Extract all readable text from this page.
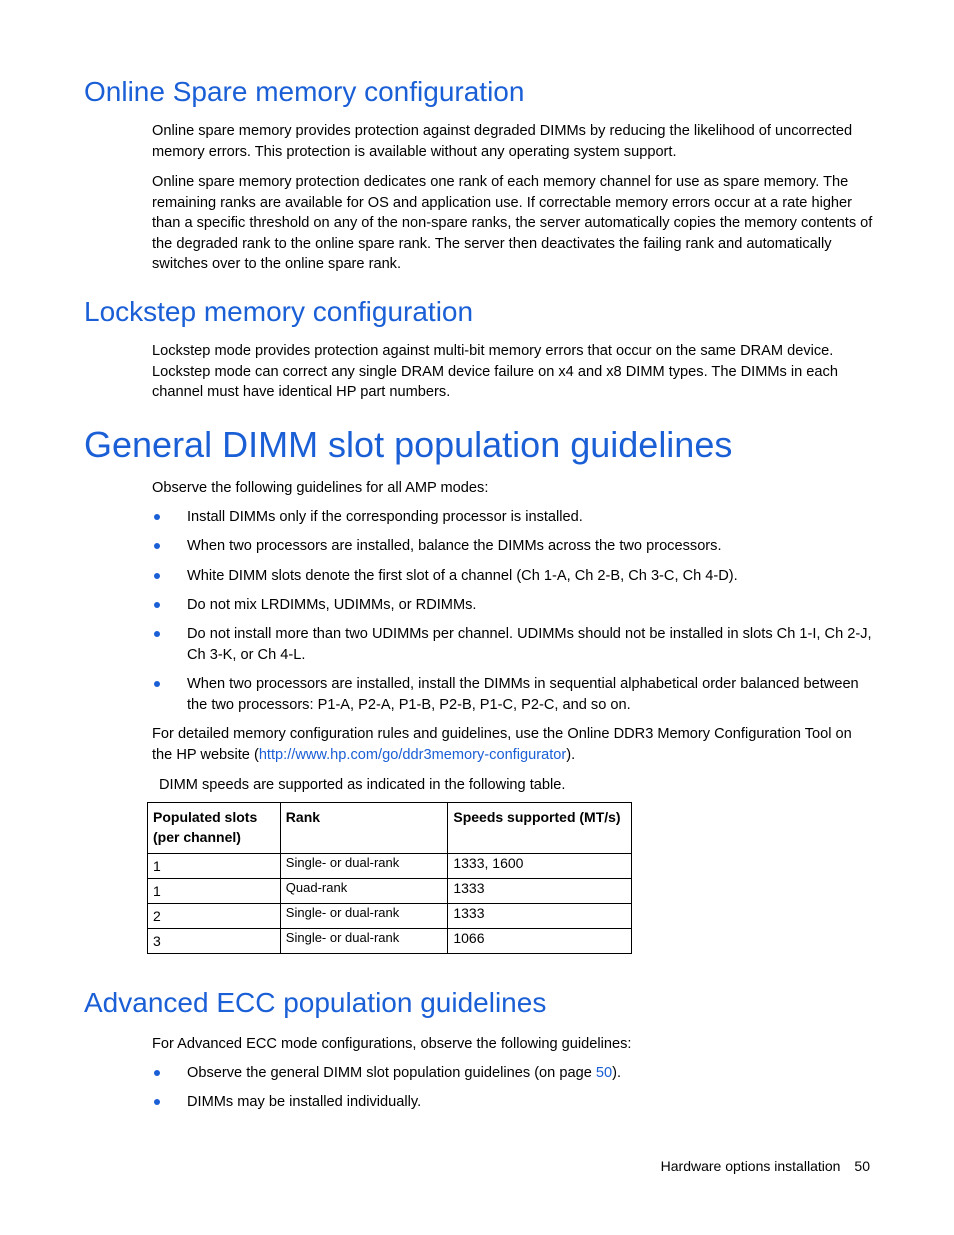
Online Spare memory configuration

Online spare memory provides protection against degraded DIMMs by reducing the likelihood of uncorrected memory errors. This protection is available without any operating system support.

Online spare memory protection dedicates one rank of each memory channel for use as spare memory. The remaining ranks are available for OS and application use. If correctable memory errors occur at a rate higher than a specific threshold on any of the non-spare ranks, the server automatically copies the memory contents of the degraded rank to the online spare rank. The server then deactivates the failing rank and automatically switches over to the online spare rank.

Lockstep memory configuration

Lockstep mode provides protection against multi-bit memory errors that occur on the same DRAM device. Lockstep mode can correct any single DRAM device failure on x4 and x8 DIMM types. The DIMMs in each channel must have identical HP part numbers.

General DIMM slot population guidelines

Observe the following guidelines for all AMP modes:

Install DIMMs only if the corresponding processor is installed.

When two processors are installed, balance the DIMMs across the two processors.

White DIMM slots denote the first slot of a channel (Ch 1-A, Ch 2-B, Ch 3-C, Ch 4-D).

Do not mix LRDIMMs, UDIMMs, or RDIMMs.

Do not install more than two UDIMMs per channel. UDIMMs should not be installed in slots Ch 1-I, Ch 2-J, Ch 3-K, or Ch 4-L.

When two processors are installed, install the DIMMs in sequential alphabetical order balanced between the two processors: P1-A, P2-A, P1-B, P2-B, P1-C, P2-C, and so on.

For detailed memory configuration rules and guidelines, use the Online DDR3 Memory Configuration Tool on the HP website (http://www.hp.com/go/ddr3memory-configurator).

DIMM speeds are supported as indicated in the following table.

Populated slots (per channel)	Rank	Speeds supported (MT/s)
1	Single- or dual-rank	1333, 1600
1	Quad-rank	1333
2	Single- or dual-rank	1333
3	Single- or dual-rank	1066
Advanced ECC population guidelines

For Advanced ECC mode configurations, observe the following guidelines:

Observe the general DIMM slot population guidelines (on page 50).

DIMMs may be installed individually.

Hardware options installation 50
